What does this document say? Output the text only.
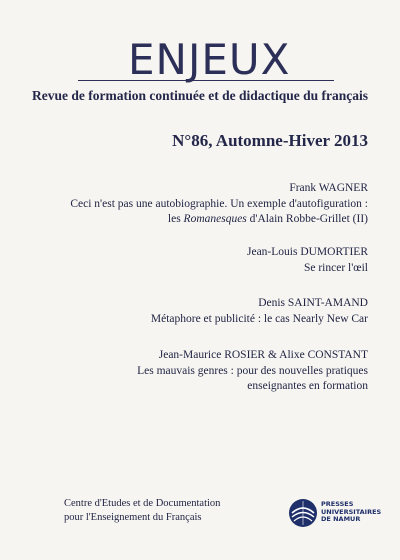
ENJEUX
Revue de formation continuée et de didactique du français
N°86, Automne-Hiver 2013
Frank WAGNER
Ceci n'est pas une autobiographie. Un exemple d'autofiguration :
les Romanesques d'Alain Robbe-Grillet (II)
Jean-Louis DUMORTIER
Se rincer l'œil
Denis SAINT-AMAND
Métaphore et publicité : le cas Nearly New Car
Jean-Maurice ROSIER & Alixe CONSTANT
Les mauvais genres : pour des nouvelles pratiques
enseignantes en formation
Centre d'Etudes et de Documentation
pour l'Enseignement du Français
PRESSES
UNIVERSITAIRES
DE NAMUR
